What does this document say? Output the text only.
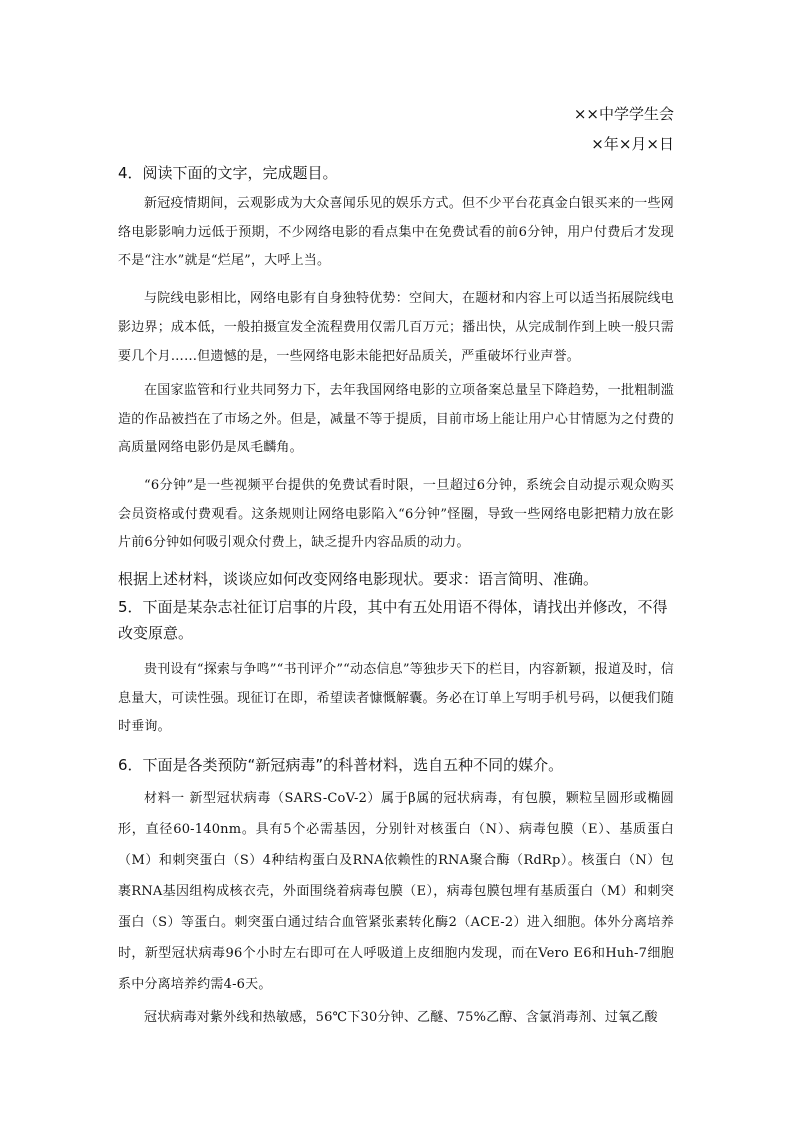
××中学学生会
×年×月×日
4．阅读下面的文字，完成题目。
新冠疫情期间，云观影成为大众喜闻乐见的娱乐方式。但不少平台花真金白银买来的一些网络电影影响力远低于预期，不少网络电影的看点集中在免费试看的前6分钟，用户付费后才发现不是“注水”就是“烂尾”，大呼上当。
与院线电影相比，网络电影有自身独特优势：空间大，在题材和内容上可以适当拓展院线电影边界；成本低，一般拍摄宣发全流程费用仅需几百万元；播出快，从完成制作到上映一般只需要几个月……但遗憾的是，一些网络电影未能把好品质关，严重破坏行业声誉。
在国家监管和行业共同努力下，去年我国网络电影的立项备案总量呈下降趋势，一批粗制滥造的作品被挡在了市场之外。但是，减量不等于提质，目前市场上能让用户心甘情愿为之付费的高质量网络电影仍是凤毛麟角。
“6分钟”是一些视频平台提供的免费试看时限，一旦超过6分钟，系统会自动提示观众购买会员资格或付费观看。这条规则让网络电影陷入“6分钟”怪圈，导致一些网络电影把精力放在影片前6分钟如何吸引观众付费上，缺乏提升内容品质的动力。
根据上述材料，谈谈应如何改变网络电影现状。要求：语言简明、准确。
5．下面是某杂志社征订启事的片段，其中有五处用语不得体，请找出并修改，不得改变原意。
贵刊设有“探索与争鸣”“书刊评介”“动态信息”等独步天下的栏目，内容新颖，报道及时，信息量大，可读性强。现征订在即，希望读者慷慨解囊。务必在订单上写明手机号码，以便我们随时垂询。
6．下面是各类预防“新冠病毒”的科普材料，选自五种不同的媒介。
材料一 新型冠状病毒（SARS-CoV-2）属于β属的冠状病毒，有包膜，颗粒呈圆形或椭圆形，直径60-140nm。具有5个必需基因，分别针对核蛋白（N）、病毒包膜（E）、基质蛋白（M）和刺突蛋白（S）4种结构蛋白及RNA依赖性的RNA聚合酶（RdRp）。核蛋白（N）包裹RNA基因组构成核衣壳，外面围绕着病毒包膜（E），病毒包膜包埋有基质蛋白（M）和刺突蛋白（S）等蛋白。刺突蛋白通过结合血管紧张素转化酶2（ACE-2）进入细胞。体外分离培养时，新型冠状病毒96个小时左右即可在人呼吸道上皮细胞内发现，而在Vero E6和Huh-7细胞系中分离培养约需4-6天。
冠状病毒对紫外线和热敏感，56℃下30分钟、乙醚、75%乙醇、含氯消毒剂、过氧乙酸
